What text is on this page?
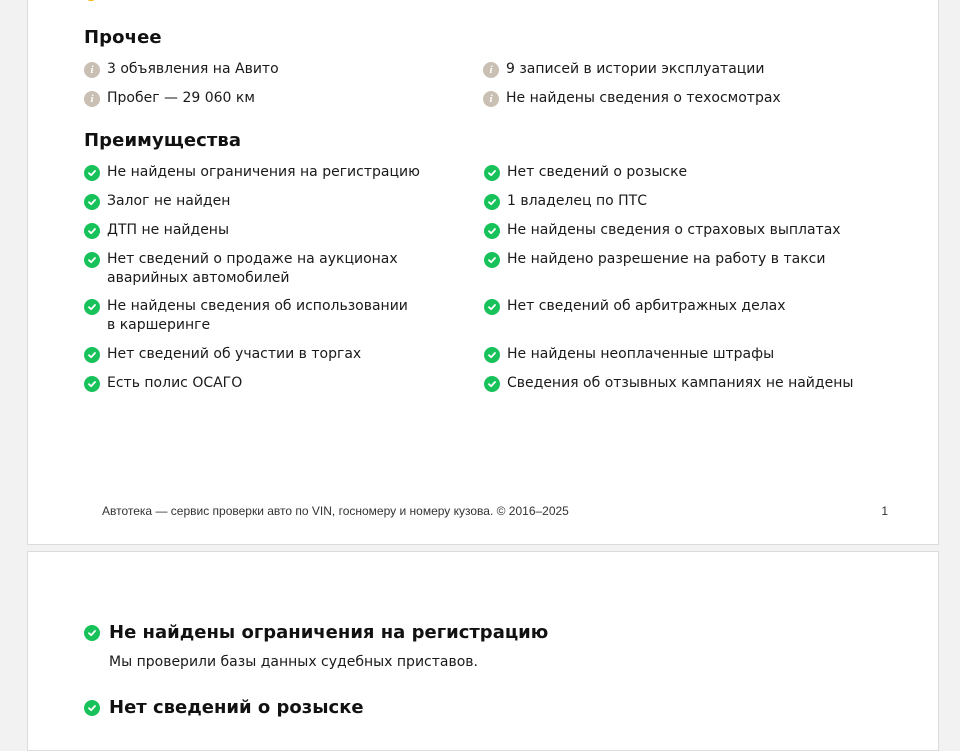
Прочее
i 3 объявления на Авито
i Пробег — 29 060 км
i 9 записей в истории эксплуатации
i Не найдены сведения о техосмотрах
Преимущества
Не найдены ограничения на регистрацию
Залог не найден
ДТП не найдены
Нет сведений о продаже на аукционах аварийных автомобилей
Не найдены сведения об использовании в каршеринге
Нет сведений об участии в торгах
Есть полис ОСАГО
Нет сведений о розыске
1 владелец по ПТС
Не найдены сведения о страховых выплатах
Не найдено разрешение на работу в такси
Нет сведений об арбитражных делах
Не найдены неоплаченные штрафы
Сведения об отзывных кампаниях не найдены
Автотека — сервис проверки авто по VIN, госномеру и номеру кузова. © 2016–2025	1
Не найдены ограничения на регистрацию
Мы проверили базы данных судебных приставов.
Нет сведений о розыске
